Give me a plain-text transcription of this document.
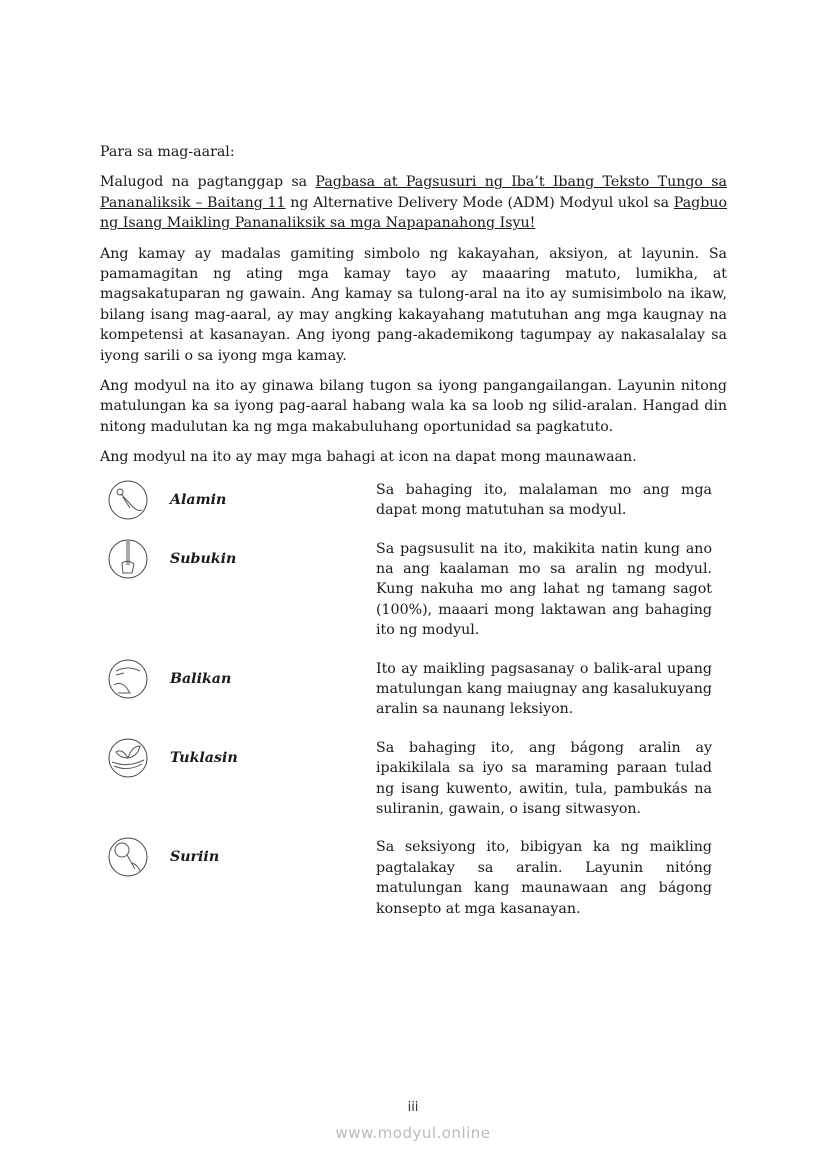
Para sa mag-aaral:

Malugod na pagtanggap sa Pagbasa at Pagsusuri ng Iba’t Ibang Teksto Tungo sa Pananaliksik – Baitang 11 ng Alternative Delivery Mode (ADM) Modyul ukol sa Pagbuo ng Isang Maikling Pananaliksik sa mga Napapanahong Isyu!

Ang kamay ay madalas gamiting simbolo ng kakayahan, aksiyon, at layunin. Sa pamamagitan ng ating mga kamay tayo ay maaaring matuto, lumikha, at magsakatuparan ng gawain. Ang kamay sa tulong-aral na ito ay sumisimbolo na ikaw, bilang isang mag-aaral, ay may angking kakayahang matutuhan ang mga kaugnay na kompetensi at kasanayan. Ang iyong pang-akademikong tagumpay ay nakasalalay sa iyong sarili o sa iyong mga kamay.

Ang modyul na ito ay ginawa bilang tugon sa iyong pangangailangan. Layunin nitong matulungan ka sa iyong pag-aaral habang wala ka sa loob ng silid-aralan. Hangad din nitong madulutan ka ng mga makabuluhang oportunidad sa pagkatuto.

Ang modyul na ito ay may mga bahagi at icon na dapat mong maunawaan.

Alamin
Sa bahaging ito, malalaman mo ang mga dapat mong matutuhan sa modyul.
Subukin
Sa pagsusulit na ito, makikita natin kung ano na ang kaalaman mo sa aralin ng modyul. Kung nakuha mo ang lahat ng tamang sagot (100%), maaari mong laktawan ang bahaging ito ng modyul.
Balikan
Ito ay maikling pagsasanay o balik-aral upang matulungan kang maiugnay ang kasalukuyang aralin sa naunang leksiyon.
Tuklasin
Sa bahaging ito, ang bágong aralin ay ipakikilala sa iyo sa maraming paraan tulad ng isang kuwento, awitin, tula, pambukás na suliranin, gawain, o isang sitwasyon.
Suriin
Sa seksiyong ito, bibigyan ka ng maikling pagtalakay sa aralin. Layunin nitóng matulungan kang maunawaan ang bágong konsepto at mga kasanayan.
iii
www.modyul.online
